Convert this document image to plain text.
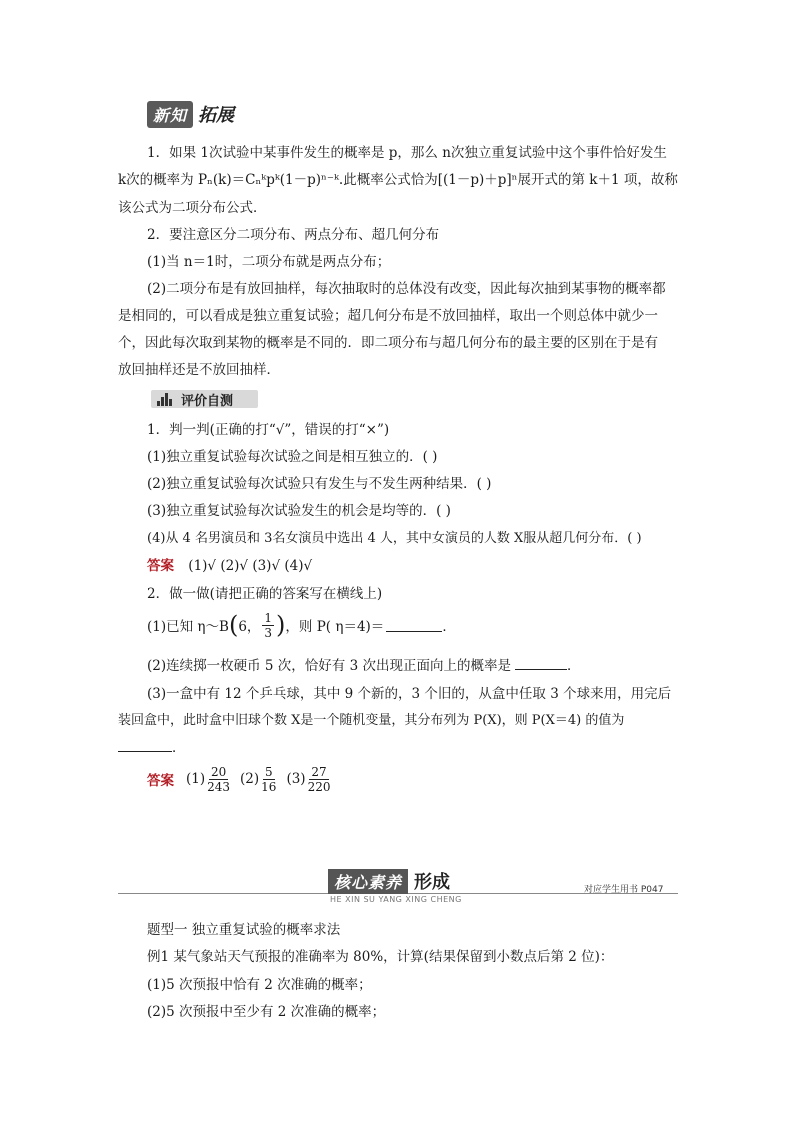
新知 拓展
1．如果 1次试验中某事件发生的概率是 p，那么 n次独立重复试验中这个事件恰好发生
k次的概率为 Pₙ(k)＝Cₙᵏpᵏ(1－p)ⁿ⁻ᵏ.此概率公式恰为[(1－p)＋p]ⁿ展开式的第 k＋1 项，故称
该公式为二项分布公式．
2．要注意区分二项分布、两点分布、超几何分布
(1)当 n＝1时，二项分布就是两点分布；
(2)二项分布是有放回抽样，每次抽取时的总体没有改变，因此每次抽到某事物的概率都
是相同的，可以看成是独立重复试验；超几何分布是不放回抽样，取出一个则总体中就少一
个，因此每次取到某物的概率是不同的．即二项分布与超几何分布的最主要的区别在于是有
放回抽样还是不放回抽样．
评价自测
1．判一判(正确的打“√”，错误的打“×”)
(1)独立重复试验每次试验之间是相互独立的．( )
(2)独立重复试验每次试验只有发生与不发生两种结果．( )
(3)独立重复试验每次试验发生的机会是均等的．( )
(4)从 4 名男演员和 3名女演员中选出 4 人，其中女演员的人数 X服从超几何分布．( )
答案 (1)√ (2)√ (3)√ (4)√
2．做一做(请把正确的答案写在横线上)
(1)已知 η～B ( 6， $\frac{1}{3}$ ) ，则 P( η＝4)＝	．
(2)连续掷一枚硬币 5 次，恰好有 3 次出现正面向上的概率是	．
(3)一盒中有 12 个乒乓球，其中 9 个新的，3 个旧的，从盒中任取 3 个球来用，用完后
装回盒中，此时盒中旧球个数 X是一个随机变量，其分布列为 P(X)，则 P(X＝4) 的值为
．
答案 $(1) \frac{20}{243} (2) \frac{5}{16} (3) \frac{27}{220}$
核心素养 形成
HE XIN SU YANG XING CHENG
对应学生用书 P047
题型一 独立重复试验的概率求法
例1 某气象站天气预报的准确率为 80%，计算(结果保留到小数点后第 2 位)：
(1)5 次预报中恰有 2 次准确的概率；
(2)5 次预报中至少有 2 次准确的概率；
